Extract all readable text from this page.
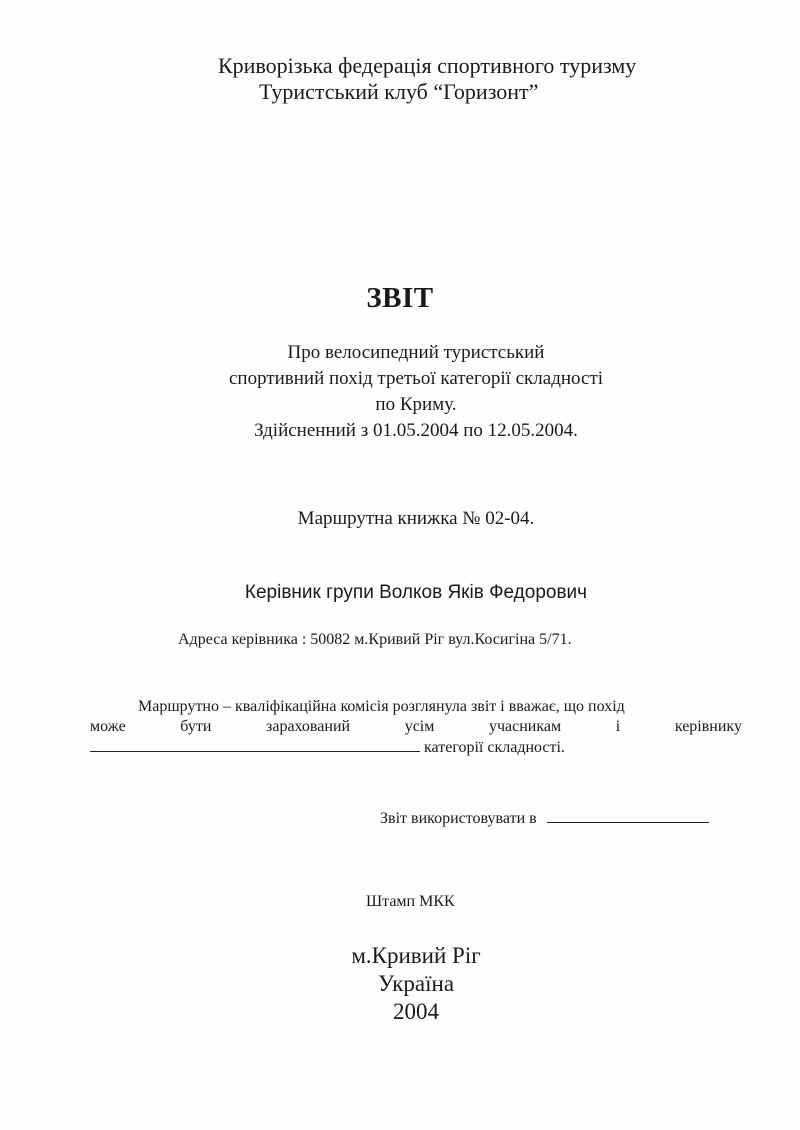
Криворізька федерація спортивного туризму
Туристський клуб “Горизонт”
ЗВІТ
Про велосипедний туристський
спортивний похід третьої категорії складності
по Криму.
Здійсненний з 01.05.2004 по 12.05.2004.
Маршрутна книжка № 02-04.
Керівник групи Волков Яків Федорович
Адреса керівника : 50082 м.Кривий Ріг вул.Косигіна 5/71.
Маршрутно – кваліфікаційна комісія розглянула звіт і вважає, що похід
може	бути	зарахований	усім	учасникам	і	керівнику
категорії складності.
Звіт використовувати в
Штамп МКК
м.Кривий Ріг
Україна
2004
